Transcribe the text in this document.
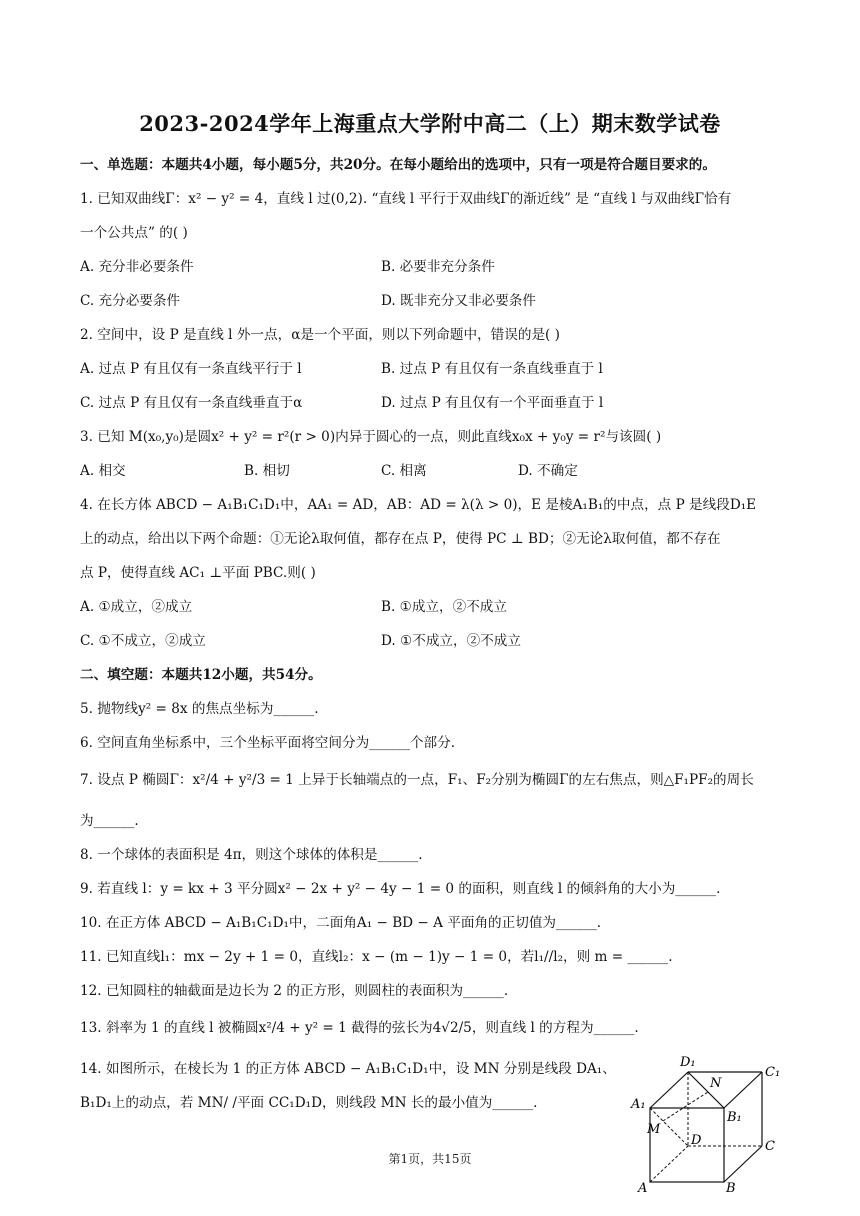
2023-2024学年上海重点大学附中高二（上）期末数学试卷
一、单选题：本题共4小题，每小题5分，共20分。在每小题给出的选项中，只有一项是符合题目要求的。
1. 已知双曲线Γ：x² − y² = 4，直线 l 过(0,2). “直线 l 平行于双曲线Γ的渐近线” 是 “直线 l 与双曲线Γ恰有
一个公共点” 的( )
A. 充分非必要条件	B. 必要非充分条件
C. 充分必要条件	D. 既非充分又非必要条件
2. 空间中，设 P 是直线 l 外一点，α是一个平面，则以下列命题中，错误的是( )
A. 过点 P 有且仅有一条直线平行于 l	B. 过点 P 有且仅有一条直线垂直于 l
C. 过点 P 有且仅有一条直线垂直于α	D. 过点 P 有且仅有一个平面垂直于 l
3. 已知 M(x₀,y₀)是圆x² + y² = r²(r > 0)内异于圆心的一点，则此直线x₀x + y₀y = r²与该圆( )
A. 相交	B. 相切	C. 相离	D. 不确定
4. 在长方体 ABCD − A₁B₁C₁D₁中，AA₁ = AD，AB：AD = λ(λ > 0)，E 是棱A₁B₁的中点，点 P 是线段D₁E
上的动点，给出以下两个命题：①无论λ取何值，都存在点 P，使得 PC ⊥ BD；②无论λ取何值，都不存在
点 P，使得直线 AC₁ ⊥平面 PBC.则( )
A. ①成立，②成立	B. ①成立，②不成立
C. ①不成立，②成立	D. ①不成立，②不成立
二、填空题：本题共12小题，共54分。
5. 抛物线y² = 8x 的焦点坐标为______.
6. 空间直角坐标系中，三个坐标平面将空间分为______个部分.
7. 设点 P 椭圆Γ：x²/4 + y²/3 = 1 上异于长轴端点的一点，F₁、F₂分别为椭圆Γ的左右焦点，则△F₁PF₂的周长
为______.
8. 一个球体的表面积是 4π，则这个球体的体积是______.
9. 若直线 l：y = kx + 3 平分圆x² − 2x + y² − 4y − 1 = 0 的面积，则直线 l 的倾斜角的大小为______.
10. 在正方体 ABCD − A₁B₁C₁D₁中，二面角A₁ − BD − A 平面角的正切值为______.
11. 已知直线l₁：mx − 2y + 1 = 0，直线l₂：x − (m − 1)y − 1 = 0，若l₁//l₂，则 m = ______.
12. 已知圆柱的轴截面是边长为 2 的正方形，则圆柱的表面积为______.
13. 斜率为 1 的直线 l 被椭圆x²/4 + y² = 1 截得的弦长为4√2/5，则直线 l 的方程为______.
14. 如图所示，在棱长为 1 的正方体 ABCD − A₁B₁C₁D₁中，设 MN 分别是线段 DA₁、
B₁D₁上的动点，若 MN/ /平面 CC₁D₁D，则线段 MN 长的最小值为______.
D₁
N
C₁
A₁
B₁
M
D	C
A	B
第1页，共15页
